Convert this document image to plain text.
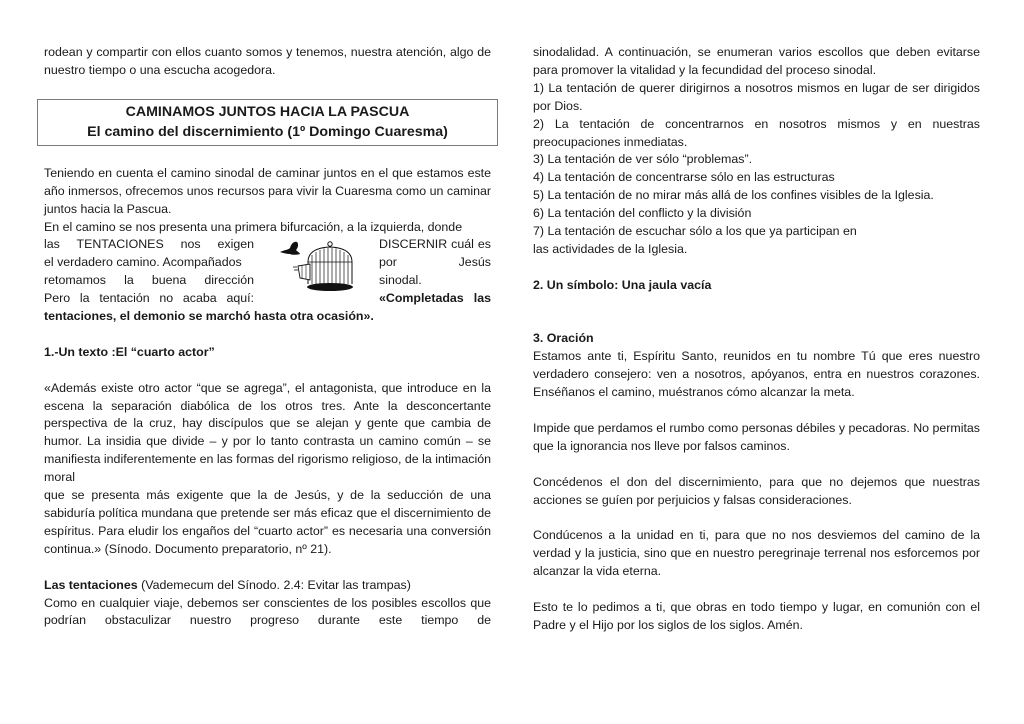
rodean y compartir con ellos cuanto somos y tenemos, nuestra atención, algo de nuestro tiempo o una escucha acogedora.

CAMINAMOS JUNTOS HACIA LA PASCUA
El camino del discernimiento (1º Domingo Cuaresma)

Teniendo en cuenta el camino sinodal de caminar juntos en el que estamos este año inmersos, ofrecemos unos recursos para vivir la Cuaresma como un caminar juntos hacia la Pascua.

En el camino se nos presenta una primera bifurcación, a la izquierda, donde

las TENTACIONES nos exigen	DISCERNIR cuál es
el verdadero camino. Acompañados	por Jesús
retomamos la buena dirección	sinodal.
Pero la tentación no acaba aquí:	«Completadas las

tentaciones, el demonio se marchó hasta otra ocasión».

1.-Un texto :El “cuarto actor”

«Además existe otro actor “que se agrega”, el antagonista, que introduce en la escena la separación diabólica de los otros tres. Ante la desconcertante perspectiva de la cruz, hay discípulos que se alejan y gente que cambia de humor. La insidia que divide – y por lo tanto contrasta un camino común – se manifiesta indiferentemente en las formas del rigorismo religioso, de la intimación moral

que se presenta más exigente que la de Jesús, y de la seducción de una sabiduría política mundana que pretende ser más eficaz que el discernimiento de espíritus. Para eludir los engaños del “cuarto actor” es necesaria una conversión continua.» (Sínodo. Documento preparatorio, nº 21).

Las tentaciones (Vademecum del Sínodo. 2.4: Evitar las trampas)

Como en cualquier viaje, debemos ser conscientes de los posibles escollos que podrían obstaculizar nuestro progreso durante este tiempo de

sinodalidad. A continuación, se enumeran varios escollos que deben evitarse para promover la vitalidad y la fecundidad del proceso sinodal.

1) La tentación de querer dirigirnos a nosotros mismos en lugar de ser dirigidos por Dios.

2) La tentación de concentrarnos en nosotros mismos y en nuestras preocupaciones inmediatas.

3) La tentación de ver sólo “problemas”.

4) La tentación de concentrarse sólo en las estructuras

5) La tentación de no mirar más allá de los confines visibles de la Iglesia.

6) La tentación del conflicto y la división

7) La tentación de escuchar sólo a los que ya participan en

las actividades de la Iglesia.

2. Un símbolo: Una jaula vacía

3. Oración

Estamos ante ti, Espíritu Santo, reunidos en tu nombre Tú que eres nuestro verdadero consejero: ven a nosotros, apóyanos, entra en nuestros corazones. Enséñanos el camino, muéstranos cómo alcanzar la meta.

Impide que perdamos el rumbo como personas débiles y pecadoras. No permitas que la ignorancia nos lleve por falsos caminos.

Concédenos el don del discernimiento, para que no dejemos que nuestras acciones se guíen por perjuicios y falsas consideraciones.

Condúcenos a la unidad en ti, para que no nos desviemos del camino de la verdad y la justicia, sino que en nuestro peregrinaje terrenal nos esforcemos por alcanzar la vida eterna.

Esto te lo pedimos a ti, que obras en todo tiempo y lugar, en comunión con el Padre y el Hijo por los siglos de los siglos. Amén.
